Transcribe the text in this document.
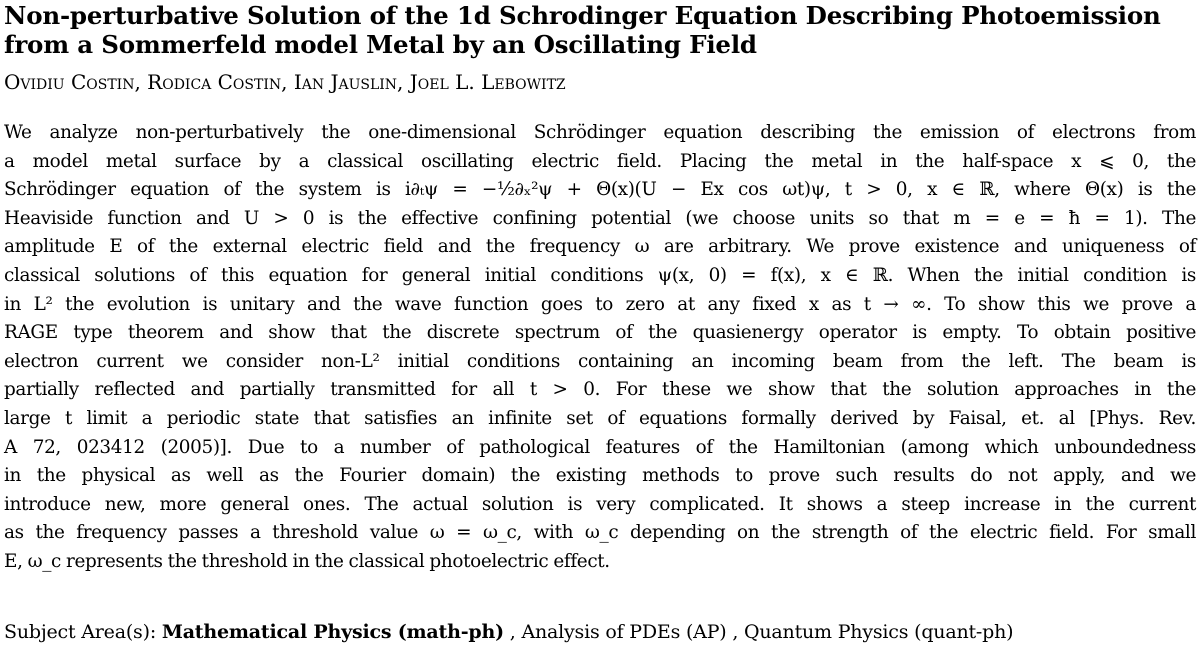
Non-perturbative Solution of the 1d Schrodinger Equation Describing Photoemission
from a Sommerfeld model Metal by an Oscillating Field

Ovidiu Costin, Rodica Costin, Ian Jauslin, Joel L. Lebowitz

We analyze non-perturbatively the one-dimensional Schrödinger equation describing the emission of electrons from
a model metal surface by a classical oscillating electric field. Placing the metal in the half-space x ⩽ 0, the
Schrödinger equation of the system is i∂ₜψ = −½∂ₓ²ψ + Θ(x)(U − Ex cos ωt)ψ, t > 0, x ∈ ℝ, where Θ(x) is the
Heaviside function and U > 0 is the effective confining potential (we choose units so that m = e = ħ = 1). The
amplitude E of the external electric field and the frequency ω are arbitrary. We prove existence and uniqueness of
classical solutions of this equation for general initial conditions ψ(x, 0) = f(x), x ∈ ℝ. When the initial condition is
in L² the evolution is unitary and the wave function goes to zero at any fixed x as t → ∞. To show this we prove a
RAGE type theorem and show that the discrete spectrum of the quasienergy operator is empty. To obtain positive
electron current we consider non-L² initial conditions containing an incoming beam from the left. The beam is
partially reflected and partially transmitted for all t > 0. For these we show that the solution approaches in the
large t limit a periodic state that satisfies an infinite set of equations formally derived by Faisal, et. al [Phys. Rev.
A 72, 023412 (2005)]. Due to a number of pathological features of the Hamiltonian (among which unboundedness
in the physical as well as the Fourier domain) the existing methods to prove such results do not apply, and we
introduce new, more general ones. The actual solution is very complicated. It shows a steep increase in the current
as the frequency passes a threshold value ω = ω_c, with ω_c depending on the strength of the electric field. For small
E, ω_c represents the threshold in the classical photoelectric effect.
Subject Area(s): Mathematical Physics (math-ph) , Analysis of PDEs (AP) , Quantum Physics (quant-ph)
